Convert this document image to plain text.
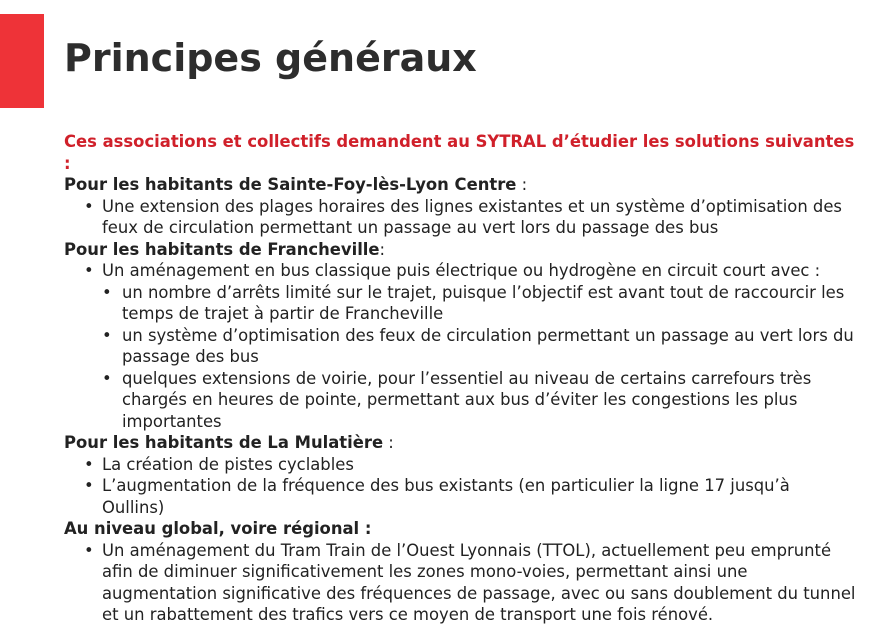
Principes généraux
Ces associations et collectifs demandent au SYTRAL d’étudier les solutions suivantes :
Pour les habitants de Sainte-Foy-lès-Lyon Centre :
• Une extension des plages horaires des lignes existantes et un système d’optimisation des feux de circulation permettant un passage au vert lors du passage des bus
Pour les habitants de Francheville:
• Un aménagement en bus classique puis électrique ou hydrogène en circuit court avec :
• un nombre d’arrêts limité sur le trajet, puisque l’objectif est avant tout de raccourcir les temps de trajet à partir de Francheville
• un système d’optimisation des feux de circulation permettant un passage au vert lors du passage des bus
• quelques extensions de voirie, pour l’essentiel au niveau de certains carrefours très chargés en heures de pointe, permettant aux bus d’éviter les congestions les plus importantes
Pour les habitants de La Mulatière :
• La création de pistes cyclables
• L’augmentation de la fréquence des bus existants (en particulier la ligne 17 jusqu’à Oullins)
Au niveau global, voire régional :
• Un aménagement du Tram Train de l’Ouest Lyonnais (TTOL), actuellement peu emprunté afin de diminuer significativement les zones mono-voies, permettant ainsi une augmentation significative des fréquences de passage, avec ou sans doublement du tunnel et un rabattement des trafics vers ce moyen de transport une fois rénové.
